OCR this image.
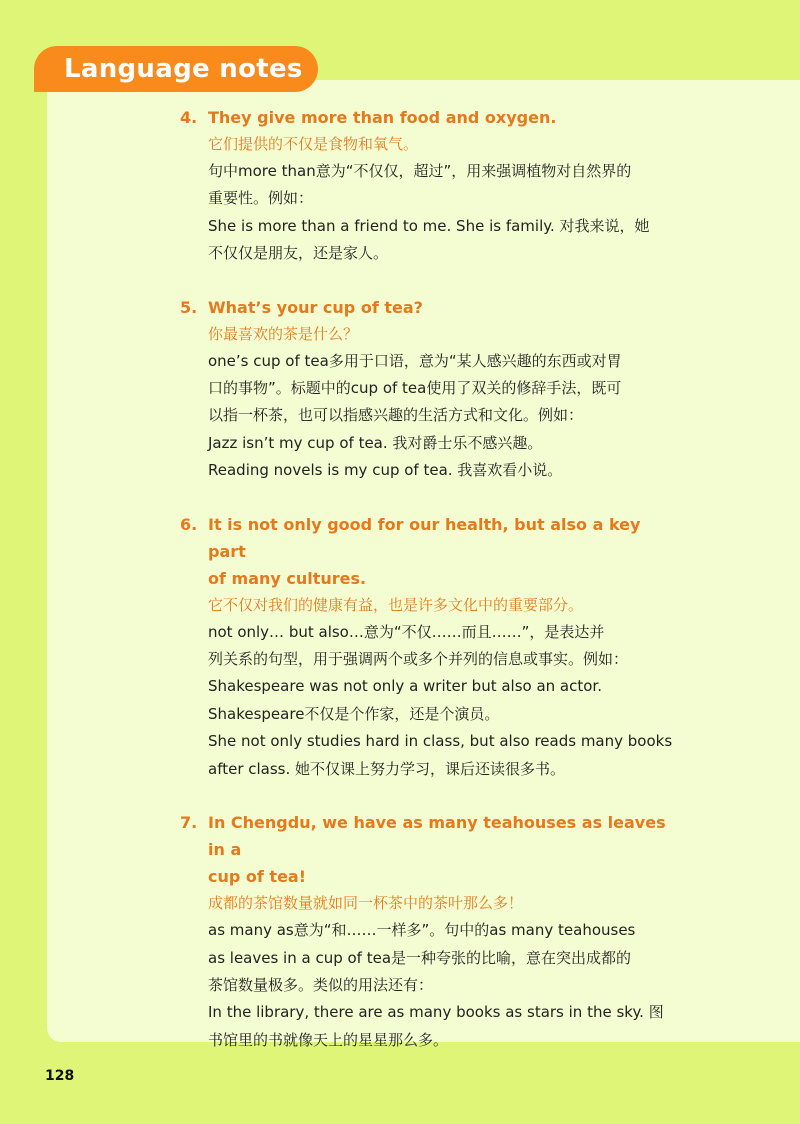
Language notes
4. They give more than food and oxygen.
它们提供的不仅是食物和氧气。
句中more than意为“不仅仅，超过”，用来强调植物对自然界的
重要性。例如：
She is more than a friend to me. She is family. 对我来说，她
不仅仅是朋友，还是家人。
5. What’s your cup of tea?
你最喜欢的茶是什么？
one’s cup of tea多用于口语，意为“某人感兴趣的东西或对胃
口的事物”。标题中的cup of tea使用了双关的修辞手法，既可
以指一杯茶，也可以指感兴趣的生活方式和文化。例如：
Jazz isn’t my cup of tea. 我对爵士乐不感兴趣。
Reading novels is my cup of tea. 我喜欢看小说。
6. It is not only good for our health, but also a key part
of many cultures.
它不仅对我们的健康有益，也是许多文化中的重要部分。
not only… but also…意为“不仅……而且……”，是表达并
列关系的句型，用于强调两个或多个并列的信息或事实。例如：
Shakespeare was not only a writer but also an actor.
Shakespeare不仅是个作家，还是个演员。
She not only studies hard in class, but also reads many books
after class. 她不仅课上努力学习，课后还读很多书。
7. In Chengdu, we have as many teahouses as leaves in a
cup of tea!
成都的茶馆数量就如同一杯茶中的茶叶那么多！
as many as意为“和……一样多”。句中的as many teahouses
as leaves in a cup of tea是一种夸张的比喻，意在突出成都的
茶馆数量极多。类似的用法还有：
In the library, there are as many books as stars in the sky. 图
书馆里的书就像天上的星星那么多。
128
